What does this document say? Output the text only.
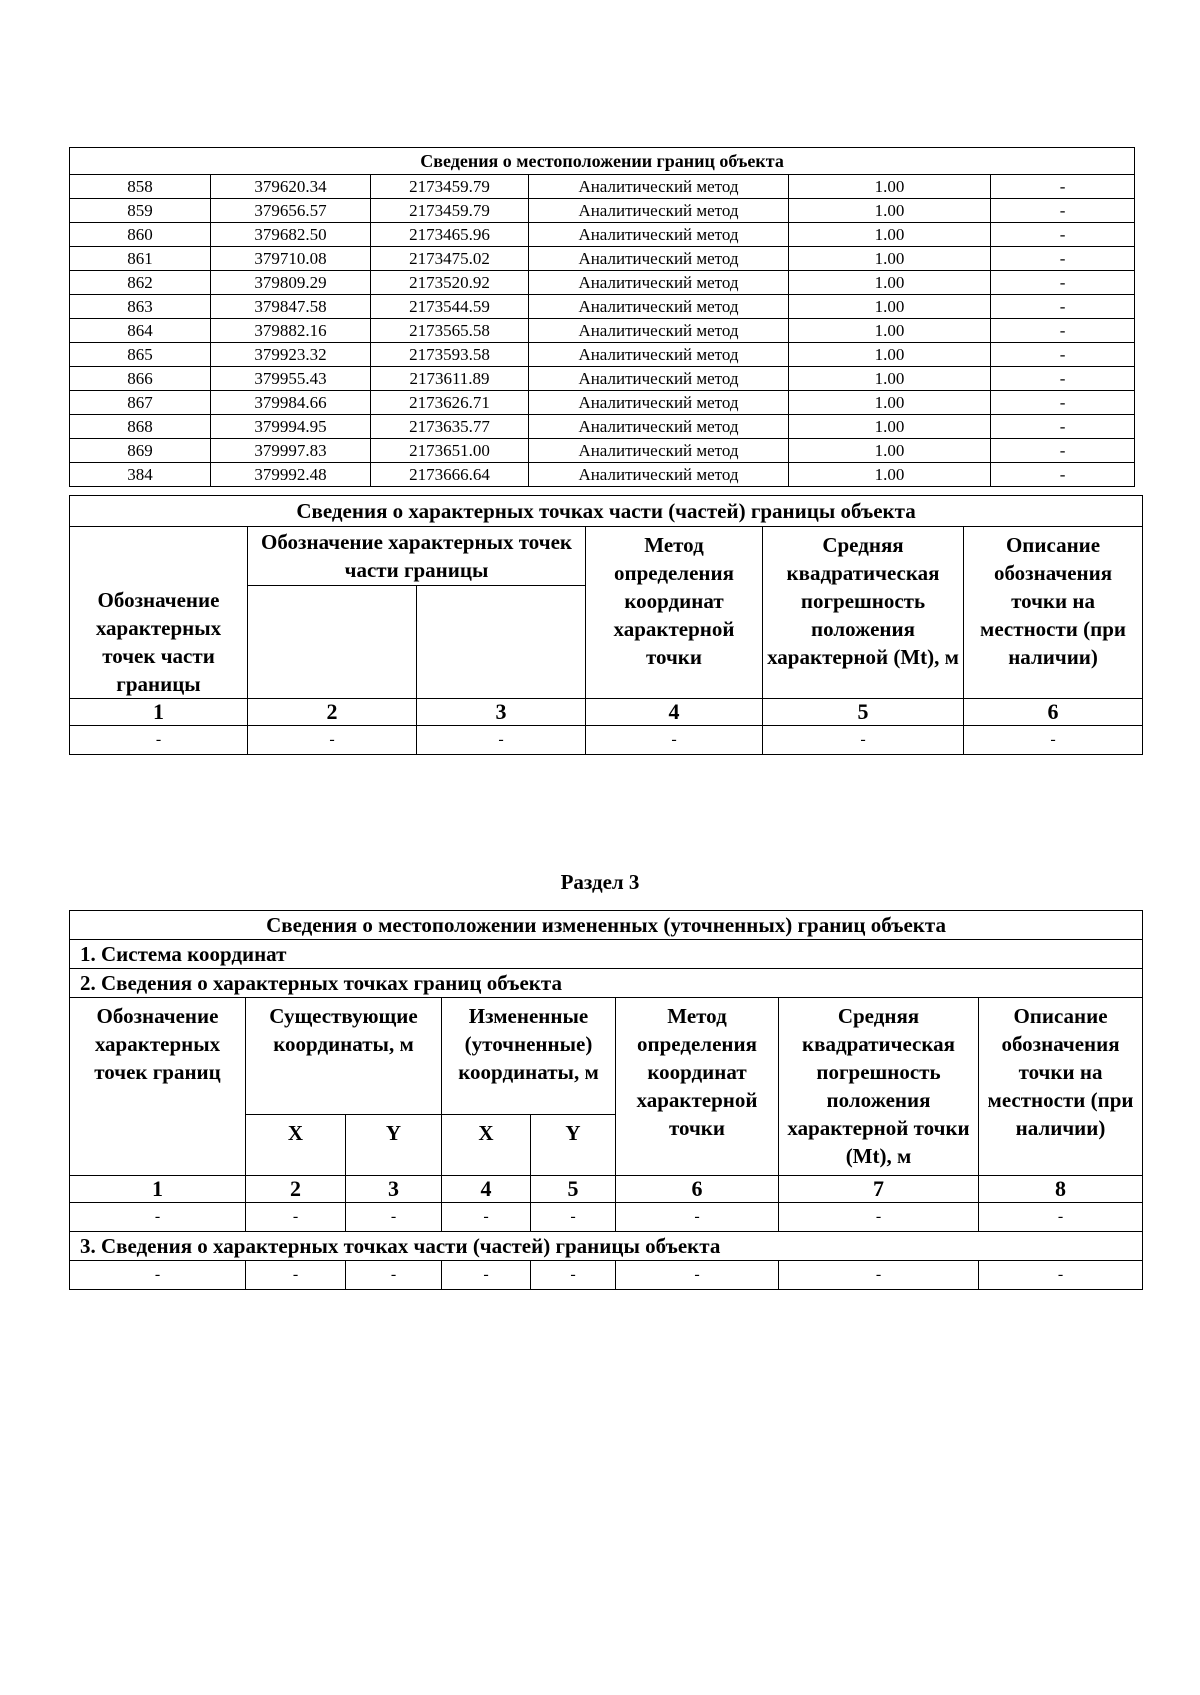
Сведения о местоположении границ объекта					
858	379620.34	2173459.79	Аналитический метод	1.00	-
859	379656.57	2173459.79	Аналитический метод	1.00	-
860	379682.50	2173465.96	Аналитический метод	1.00	-
861	379710.08	2173475.02	Аналитический метод	1.00	-
862	379809.29	2173520.92	Аналитический метод	1.00	-
863	379847.58	2173544.59	Аналитический метод	1.00	-
864	379882.16	2173565.58	Аналитический метод	1.00	-
865	379923.32	2173593.58	Аналитический метод	1.00	-
866	379955.43	2173611.89	Аналитический метод	1.00	-
867	379984.66	2173626.71	Аналитический метод	1.00	-
868	379994.95	2173635.77	Аналитический метод	1.00	-
869	379997.83	2173651.00	Аналитический метод	1.00	-
384	379992.48	2173666.64	Аналитический метод	1.00	-
Сведения о характерных точках части (частей) границы объекта					
Обозначение характерных точек части границы	Обозначение характерных точек части границы		Метод определения координат характерной точки	Средняя квадратическая погрешность положения характерной (Mt), м	Описание обозначения точки на местности (при наличии)

1	2	3	4	5	6
-	-	-	-	-	-
Раздел 3
Сведения о местоположении измененных (уточненных) границ объекта							
1. Система координат							
2. Сведения о характерных точках границ объекта							
Обозначение характерных точек границ	Существующие координаты, м		Измененные (уточненные) координаты, м		Метод определения координат характерной точки	Средняя квадратическая погрешность положения характерной точки (Mt), м	Описание обозначения точки на местности (при наличии)
	X	Y	X	Y			
1	2	3	4	5	6	7	8
-	-	-	-	-	-	-	-
3. Сведения о характерных точках части (частей) границы объекта							
-	-	-	-	-	-	-	-
